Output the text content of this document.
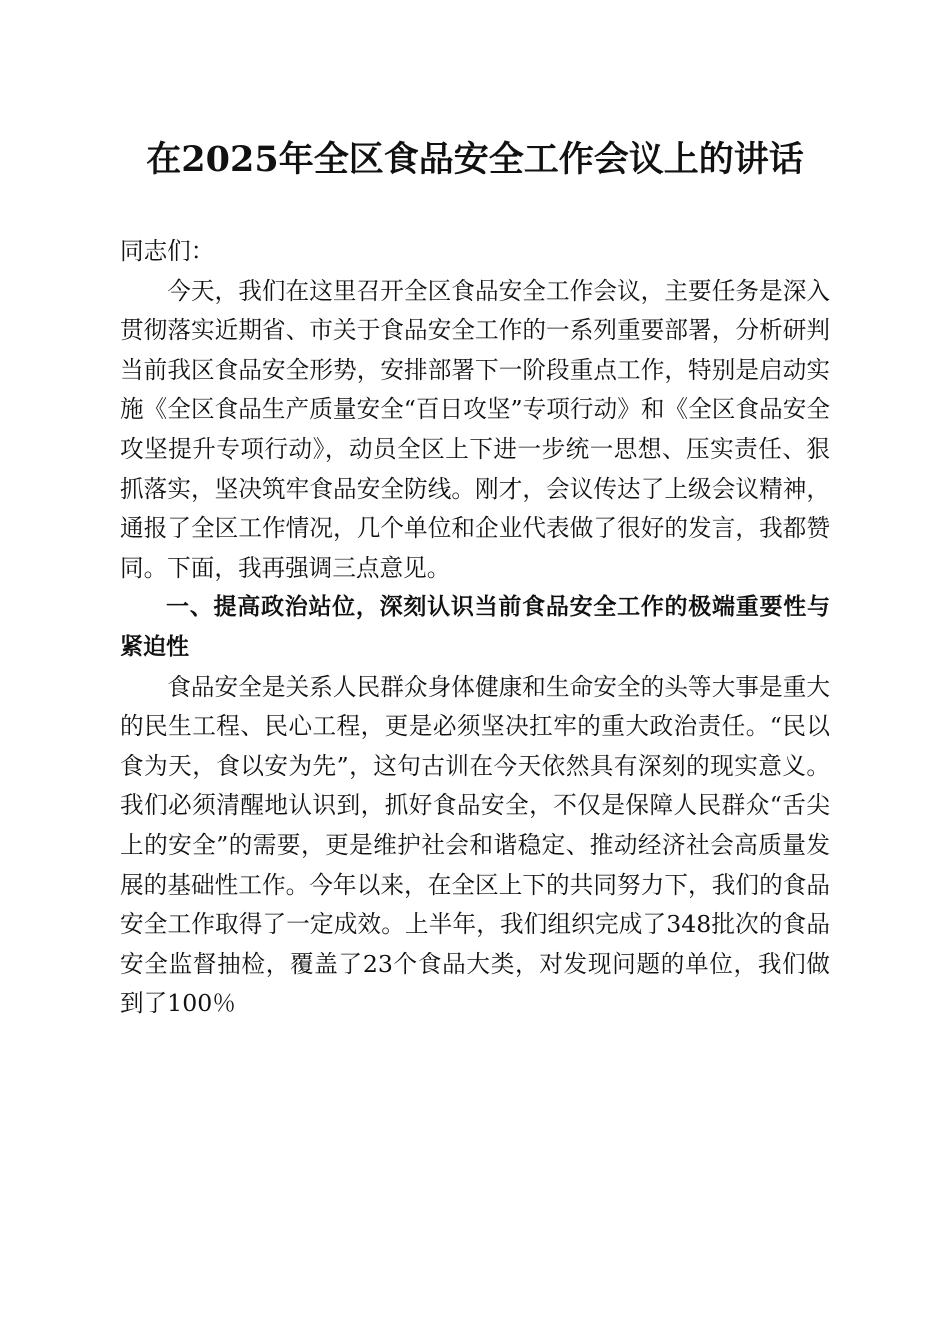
在2025年全区食品安全工作会议上的讲话

同志们：

今天，我们在这里召开全区食品安全工作会议，主要任务是深入贯彻落实近期省、市关于食品安全工作的一系列重要部署，分析研判当前我区食品安全形势，安排部署下一阶段重点工作，特别是启动实施《全区食品生产质量安全“百日攻坚”专项行动》和《全区食品安全攻坚提升专项行动》，动员全区上下进一步统一思想、压实责任、狠抓落实，坚决筑牢食品安全防线。刚才，会议传达了上级会议精神，通报了全区工作情况，几个单位和企业代表做了很好的发言，我都赞同。下面，我再强调三点意见。

一、提高政治站位，深刻认识当前食品安全工作的极端重要性与紧迫性

食品安全是关系人民群众身体健康和生命安全的头等大事是重大的民生工程、民心工程，更是必须坚决扛牢的重大政治责任。“民以食为天，食以安为先”，这句古训在今天依然具有深刻的现实意义。我们必须清醒地认识到，抓好食品安全，不仅是保障人民群众“舌尖上的安全”的需要，更是维护社会和谐稳定、推动经济社会高质量发展的基础性工作。今年以来，在全区上下的共同努力下，我们的食品安全工作取得了一定成效。上半年，我们组织完成了348批次的食品安全监督抽检，覆盖了23个食品大类，对发现问题的单位，我们做到了100％
